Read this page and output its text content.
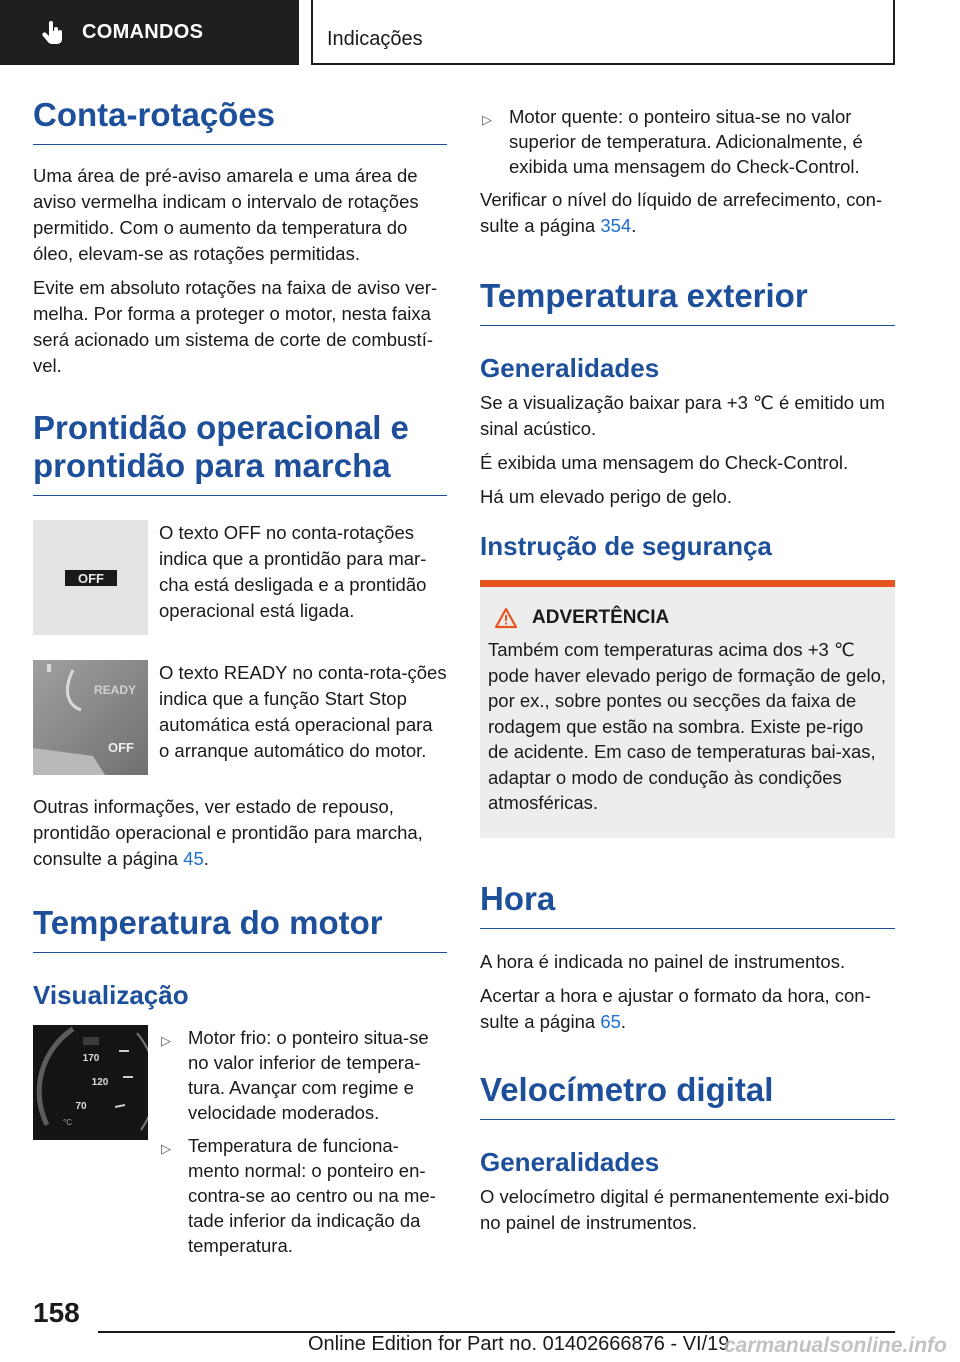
COMANDOS	Indicações
Conta-rotações

Uma área de pré-aviso amarela e uma área de aviso vermelha indicam o intervalo de rotações permitido. Com o aumento da temperatura do óleo, elevam-se as rotações permitidas.

Evite em absoluto rotações na faixa de aviso ver-melha. Por forma a proteger o motor, nesta faixa será acionado um sistema de corte de combustí-vel.

Prontidão operacional e prontidão para marcha
OFF
O texto OFF no conta-rotações indica que a prontidão para mar-cha está desligada e a prontidão operacional está ligada.
READY
OFF
O texto READY no conta-rota-ções indica que a função Start Stop automática está operacional para o arranque automático do motor.

Outras informações, ver estado de repouso, prontidão operacional e prontidão para marcha, consulte a página 45.

Temperatura do motor
Visualização
170
120
70
°C
▷ Motor frio: o ponteiro situa-se no valor inferior de tempera-tura. Avançar com regime e velocidade moderados.
▷ Temperatura de funciona-mento normal: o ponteiro en-contra-se ao centro ou na me-tade inferior da indicação da temperatura.
▷ Motor quente: o ponteiro situa-se no valor superior de temperatura. Adicionalmente, é exibida uma mensagem do Check-Control.

Verificar o nível do líquido de arrefecimento, con-sulte a página 354.

Temperatura exterior
Generalidades

Se a visualização baixar para +3 ℃ é emitido um sinal acústico.

É exibida uma mensagem do Check-Control.

Há um elevado perigo de gelo.

Instrução de segurança
ADVERTÊNCIA

Também com temperaturas acima dos +3 ℃ pode haver elevado perigo de formação de gelo, por ex., sobre pontes ou secções da faixa de rodagem que estão na sombra. Existe pe-rigo de acidente. Em caso de temperaturas bai-xas, adaptar o modo de condução às condições atmosféricas.

Hora

A hora é indicada no painel de instrumentos.

Acertar a hora e ajustar o formato da hora, con-sulte a página 65.

Velocímetro digital
Generalidades

O velocímetro digital é permanentemente exi-bido no painel de instrumentos.

158
Online Edition for Part no. 01402666876 - VI/19
carmanualsonline.info
